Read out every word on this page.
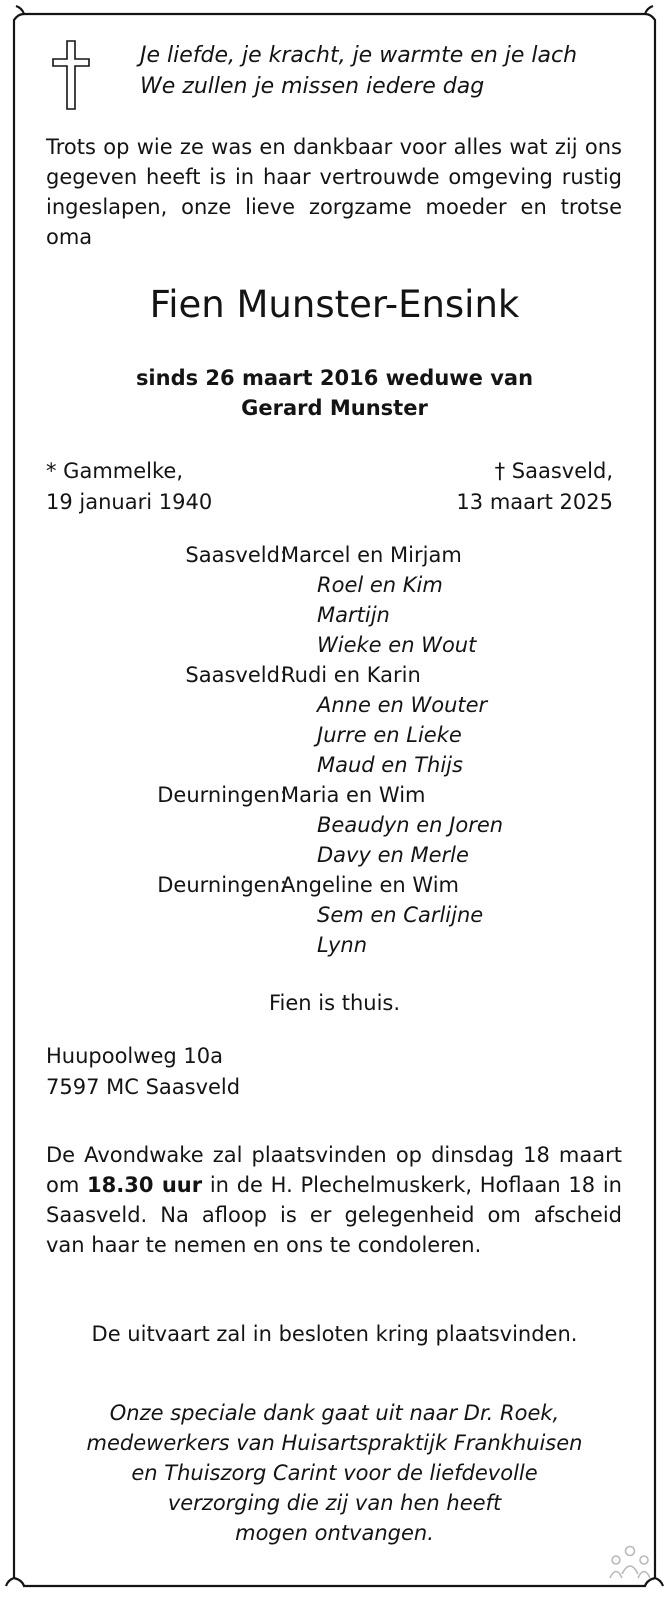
Je liefde, je kracht, je warmte en je lach
We zullen je missen iedere dag
Trots op wie ze was en dankbaar voor alles wat zij ons gegeven heeft is in haar vertrouwde omgeving rustig ingeslapen, onze lieve zorgzame moeder en trotse oma
Fien Munster-Ensink
sinds 26 maart 2016 weduwe van
Gerard Munster
* Gammelke,
19 januari 1940
† Saasveld,
13 maart 2025
Saasveld:
Marcel en Mirjam
Roel en Kim
Martijn
Wieke en Wout
Saasveld:
Rudi en Karin
Anne en Wouter
Jurre en Lieke
Maud en Thijs
Deurningen:
Maria en Wim
Beaudyn en Joren
Davy en Merle
Deurningen:
Angeline en Wim
Sem en Carlijne
Lynn
Fien is thuis.
Huupoolweg 10a
7597 MC Saasveld
De Avondwake zal plaatsvinden op dinsdag 18 maart om 18.30 uur in de H. Plechelmuskerk, Hoflaan 18 in Saasveld. Na afloop is er gelegenheid om afscheid van haar te nemen en ons te condoleren.
De uitvaart zal in besloten kring plaatsvinden.
Onze speciale dank gaat uit naar Dr. Roek,
medewerkers van Huisartspraktijk Frankhuisen
en Thuiszorg Carint voor de liefdevolle
verzorging die zij van hen heeft
mogen ontvangen.
